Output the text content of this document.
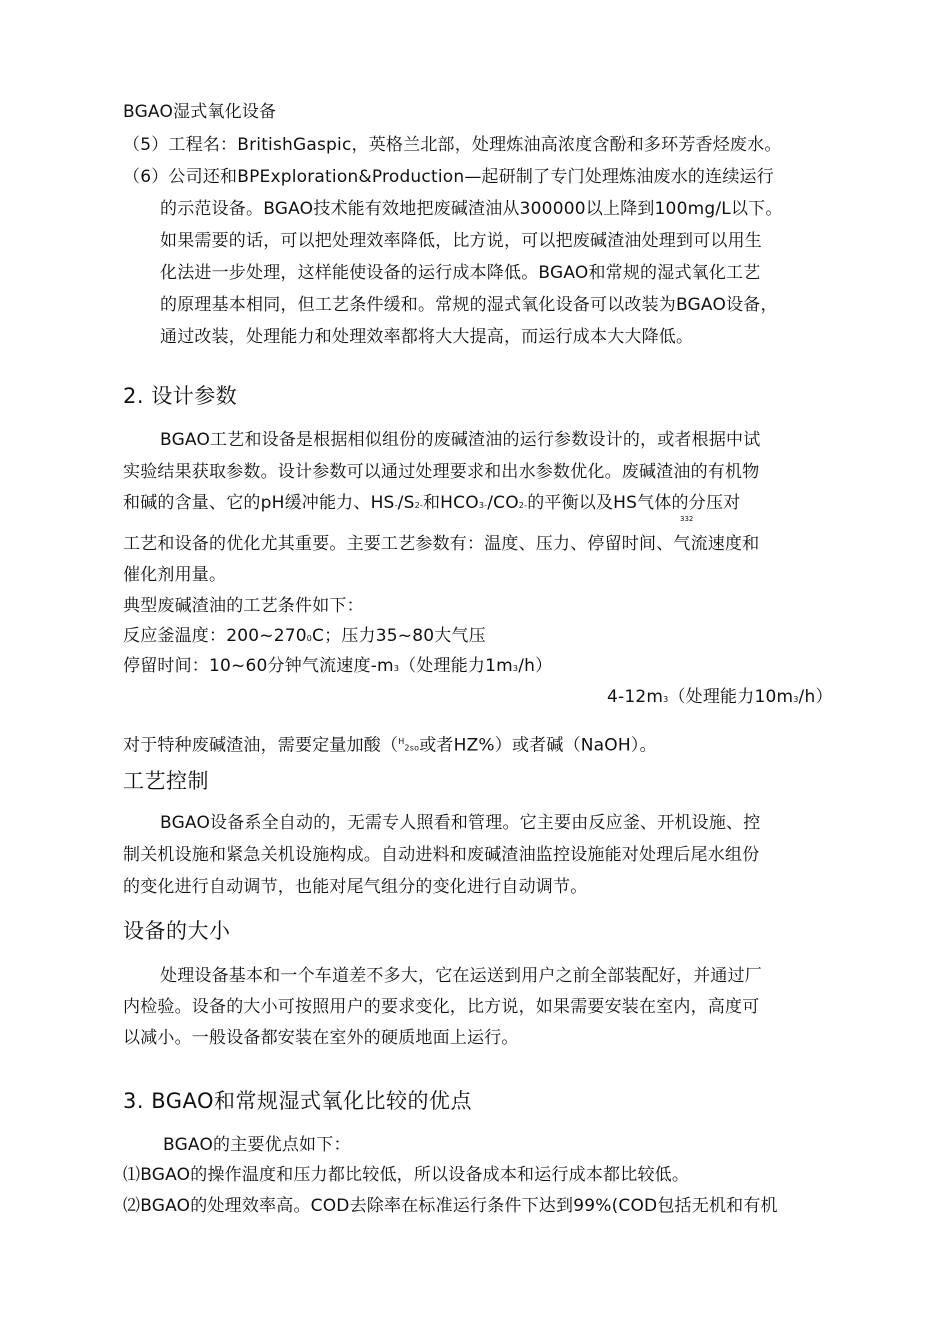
BGAO湿式氧化设备
（5）工程名：BritishGaspic，英格兰北部，处理炼油高浓度含酚和多环芳香烃废水。
（6）公司还和BPExploration&Production—起研制了专门处理炼油废水的连续运行
的示范设备。BGAO技术能有效地把废碱渣油从300000以上降到100mg/L以下。
如果需要的话，可以把处理效率降低，比方说，可以把废碱渣油处理到可以用生
化法进一步处理，这样能使设备的运行成本降低。BGAO和常规的湿式氧化工艺
的原理基本相同，但工艺条件缓和。常规的湿式氧化设备可以改装为BGAO设备，
通过改装，处理能力和处理效率都将大大提高，而运行成本大大降低。
2. 设计参数
BGAO工艺和设备是根据相似组份的废碱渣油的运行参数设计的，或者根据中试
实验结果获取参数。设计参数可以通过处理要求和出水参数优化。废碱渣油的有机物
和碱的含量、它的pH缓冲能力、HS-/S2-和HCO3-/CO2-的平衡以及HS气体的分压对
332
工艺和设备的优化尤其重要。主要工艺参数有：温度、压力、停留时间、气流速度和
催化剂用量。
典型废碱渣油的工艺条件如下：
反应釜温度：200~2700C；压力35~80大气压
停留时间：10~60分钟气流速度-m3（处理能力1m3/h）
4-12m3（处理能力10m3/h）
对于特种废碱渣油，需要定量加酸（$^H$2so或者HZ%）或者碱（NaOH）。
工艺控制
BGAO设备系全自动的，无需专人照看和管理。它主要由反应釜、开机设施、控
制关机设施和紧急关机设施构成。自动进料和废碱渣油监控设施能对处理后尾水组份
的变化进行自动调节，也能对尾气组分的变化进行自动调节。
设备的大小
处理设备基本和一个车道差不多大，它在运送到用户之前全部装配好，并通过厂
内检验。设备的大小可按照用户的要求变化，比方说，如果需要安装在室内，高度可
以减小。一般设备都安装在室外的硬质地面上运行。
3. BGAO和常规湿式氧化比较的优点
BGAO的主要优点如下：
⑴BGAO的操作温度和压力都比较低，所以设备成本和运行成本都比较低。
⑵BGAO的处理效率高。COD去除率在标准运行条件下达到99%(COD包括无机和有机
